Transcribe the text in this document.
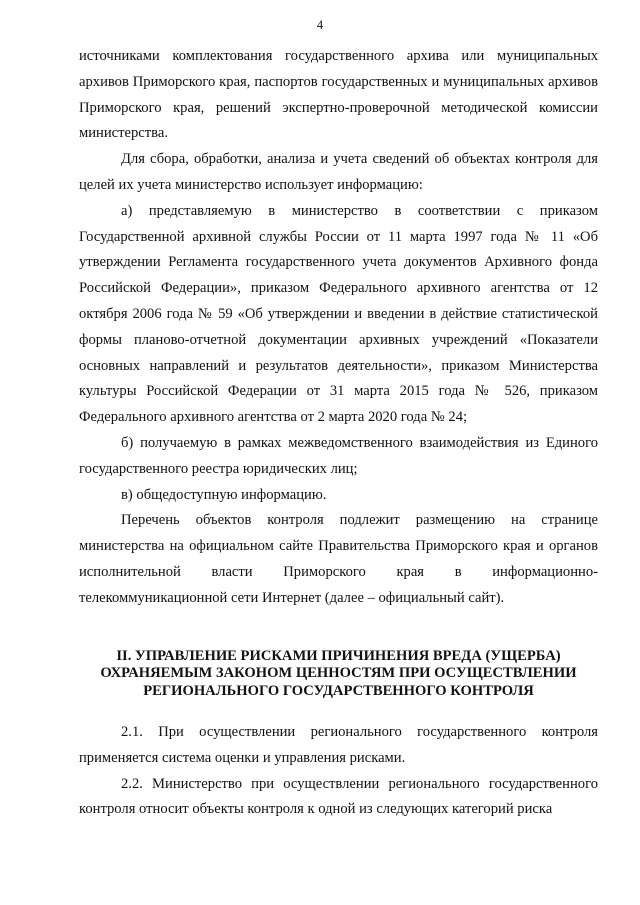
4

источниками комплектования государственного архива или муниципальных архивов Приморского края, паспортов государственных и муниципальных архивов Приморского края, решений экспертно-проверочной методической комиссии министерства.

Для сбора, обработки, анализа и учета сведений об объектах контроля для целей их учета министерство использует информацию:

а) представляемую в министерство в соответствии с приказом Государственной архивной службы России от 11 марта 1997 года № 11 «Об утверждении Регламента государственного учета документов Архивного фонда Российской Федерации», приказом Федерального архивного агентства от 12 октября 2006 года № 59 «Об утверждении и введении в действие статистической формы планово-отчетной документации архивных учреждений «Показатели основных направлений и результатов деятельности», приказом Министерства культуры Российской Федерации от 31 марта 2015 года № 526, приказом Федерального архивного агентства от 2 марта 2020 года № 24;

б) получаемую в рамках межведомственного взаимодействия из Единого государственного реестра юридических лиц;

в) общедоступную информацию.

Перечень объектов контроля подлежит размещению на странице министерства на официальном сайте Правительства Приморского края и органов исполнительной власти Приморского края в информационно-телекоммуникационной сети Интернет (далее – официальный сайт).

II. УПРАВЛЕНИЕ РИСКАМИ ПРИЧИНЕНИЯ ВРЕДА (УЩЕРБА)
ОХРАНЯЕМЫМ ЗАКОНОМ ЦЕННОСТЯМ ПРИ ОСУЩЕСТВЛЕНИИ
РЕГИОНАЛЬНОГО ГОСУДАРСТВЕННОГО КОНТРОЛЯ

2.1. При осуществлении регионального государственного контроля применяется система оценки и управления рисками.

2.2. Министерство при осуществлении регионального государственного контроля относит объекты контроля к одной из следующих категорий риска
